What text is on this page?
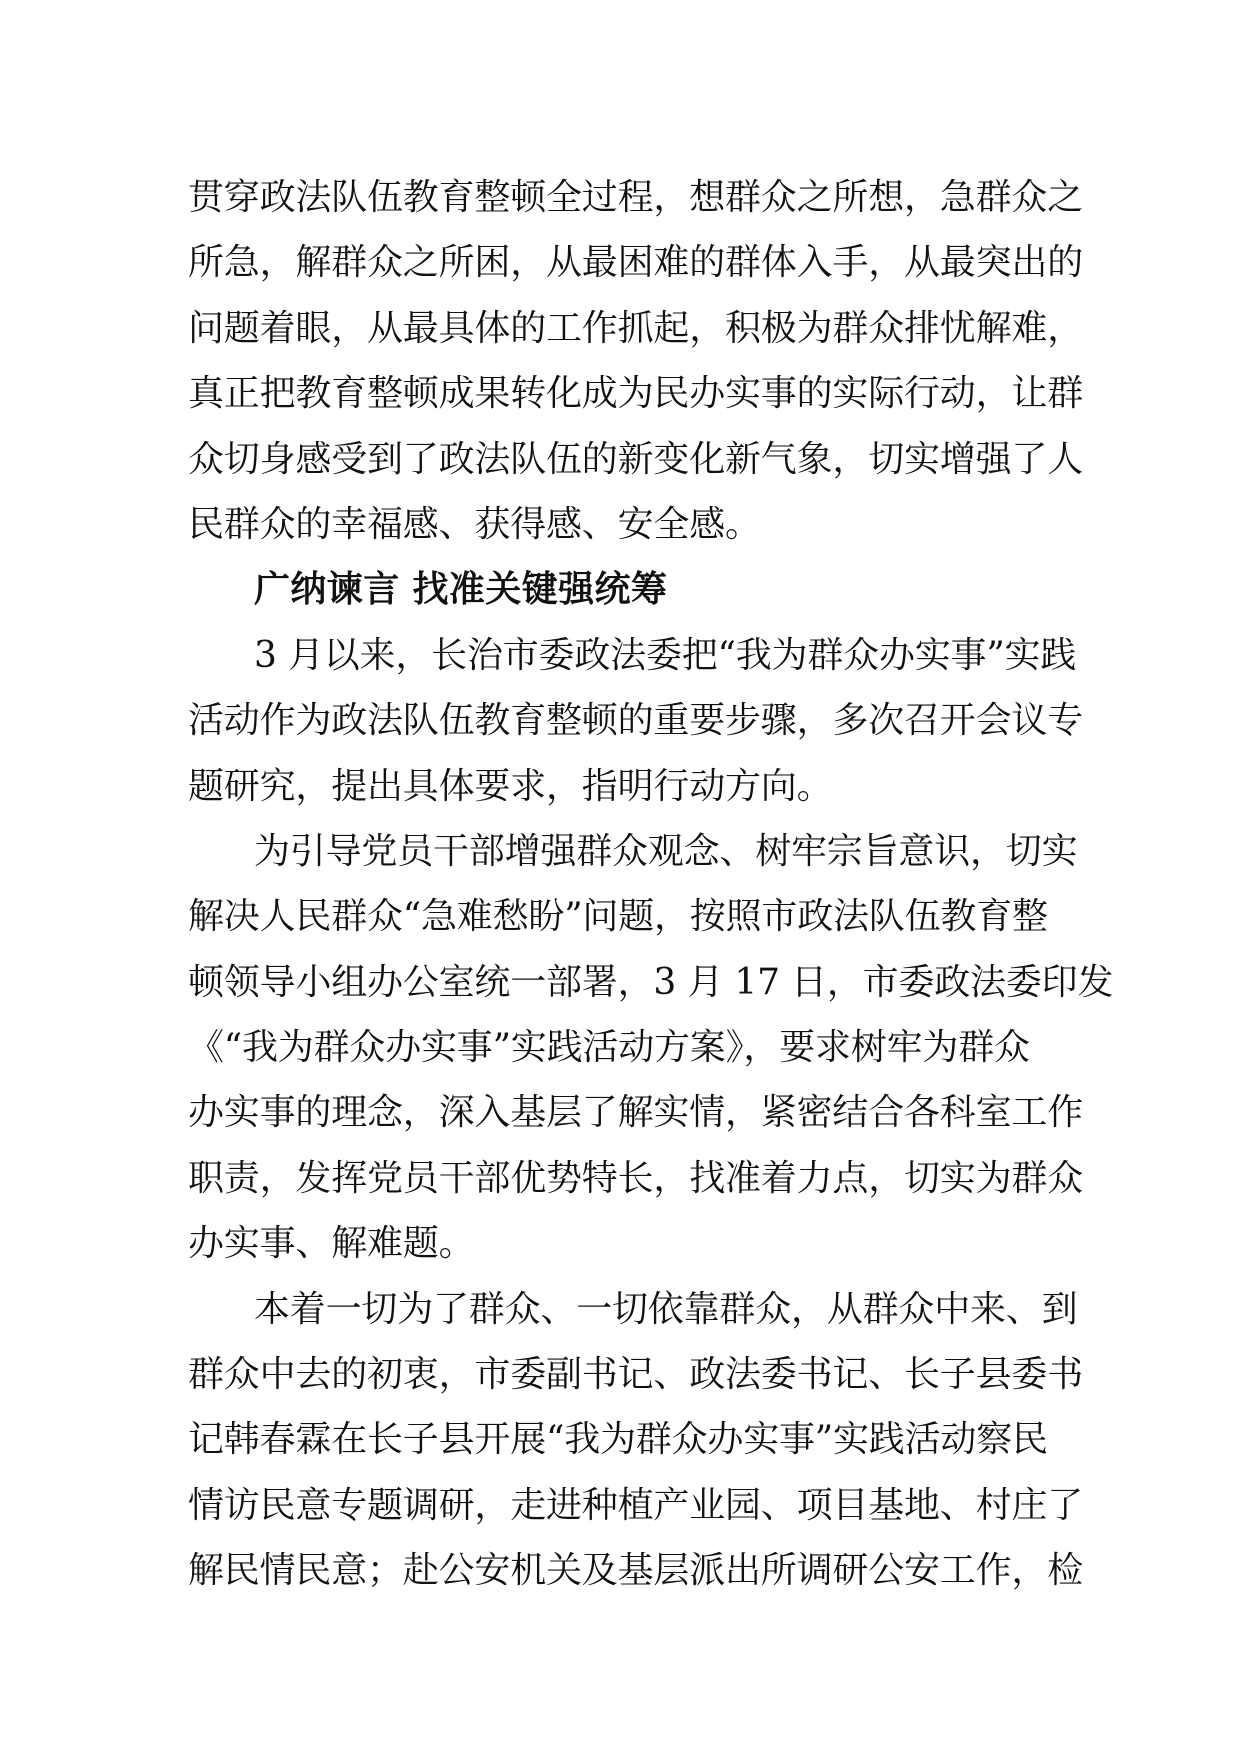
贯穿政法队伍教育整顿全过程，想群众之所想，急群众之
所急，解群众之所困，从最困难的群体入手，从最突出的
问题着眼，从最具体的工作抓起，积极为群众排忧解难，
真正把教育整顿成果转化成为民办实事的实际行动，让群
众切身感受到了政法队伍的新变化新气象，切实增强了人
民群众的幸福感、获得感、安全感。
广纳谏言 找准关键强统筹
3 月以来，长治市委政法委把“我为群众办实事”实践
活动作为政法队伍教育整顿的重要步骤，多次召开会议专
题研究，提出具体要求，指明行动方向。
为引导党员干部增强群众观念、树牢宗旨意识，切实
解决人民群众“急难愁盼”问题，按照市政法队伍教育整
顿领导小组办公室统一部署，3 月 17 日，市委政法委印发
《“我为群众办实事”实践活动方案》，要求树牢为群众
办实事的理念，深入基层了解实情，紧密结合各科室工作
职责，发挥党员干部优势特长，找准着力点，切实为群众
办实事、解难题。
本着一切为了群众、一切依靠群众，从群众中来、到
群众中去的初衷，市委副书记、政法委书记、长子县委书
记韩春霖在长子县开展“我为群众办实事”实践活动察民
情访民意专题调研，走进种植产业园、项目基地、村庄了
解民情民意；赴公安机关及基层派出所调研公安工作，检
